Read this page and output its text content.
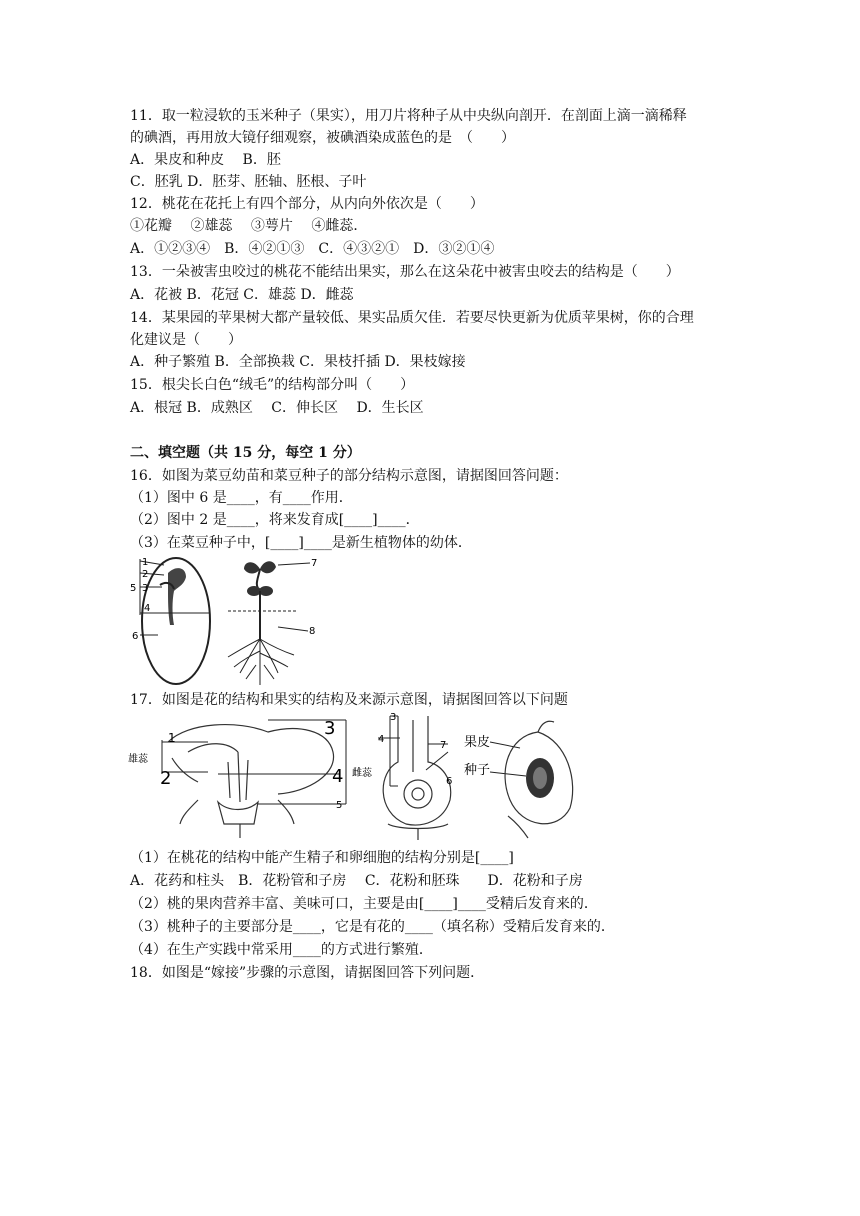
11．取一粒浸软的玉米种子（果实），用刀片将种子从中央纵向剖开．在剖面上滴一滴稀释
的碘酒，再用放大镜仔细观察，被碘酒染成蓝色的是　（　　）
A．果皮和种皮　 B．胚
C．胚乳 D．胚芽、胚轴、胚根、子叶
12．桃花在花托上有四个部分，从内向外依次是（　　）
①花瓣　 ②雄蕊　 ③萼片　 ④雌蕊．
A．①②③④　B．④②①③　C．④③②①　D．③②①④
13．一朵被害虫咬过的桃花不能结出果实，那么在这朵花中被害虫咬去的结构是（　　）
A．花被 B．花冠 C．雄蕊 D．雌蕊
14．某果园的苹果树大都产量较低、果实品质欠佳．若要尽快更新为优质苹果树，你的合理
化建议是（　　）
A．种子繁殖 B．全部换栽 C．果枝扦插 D．果枝嫁接
15．根尖长白色“绒毛”的结构部分叫（　　）
A．根冠 B．成熟区　 C．伸长区　 D．生长区
二、填空题（共 15 分，每空 1 分）
16．如图为菜豆幼苗和菜豆种子的部分结构示意图，请据图回答问题：
（1）图中 6 是____，有____作用．
（2）图中 2 是____，将来发育成[____]____．
（3）在菜豆种子中，[____]____是新生植物体的幼体．
1
2
3
4
5
6
7
8
17．如图是花的结构和果实的结构及来源示意图，请据图回答以下问题
雄蕊
1
2
3
4
5
3
4
雌蕊
7
6
果皮
种子
（1）在桃花的结构中能产生精子和卵细胞的结构分别是[____]
A．花药和柱头　B．花粉管和子房　 C．花粉和胚珠　　D．花粉和子房
（2）桃的果肉营养丰富、美味可口，主要是由[____]____受精后发育来的．
（3）桃种子的主要部分是____，它是有花的____（填名称）受精后发育来的．
（4）在生产实践中常采用____的方式进行繁殖．
18．如图是“嫁接”步骤的示意图，请据图回答下列问题．
